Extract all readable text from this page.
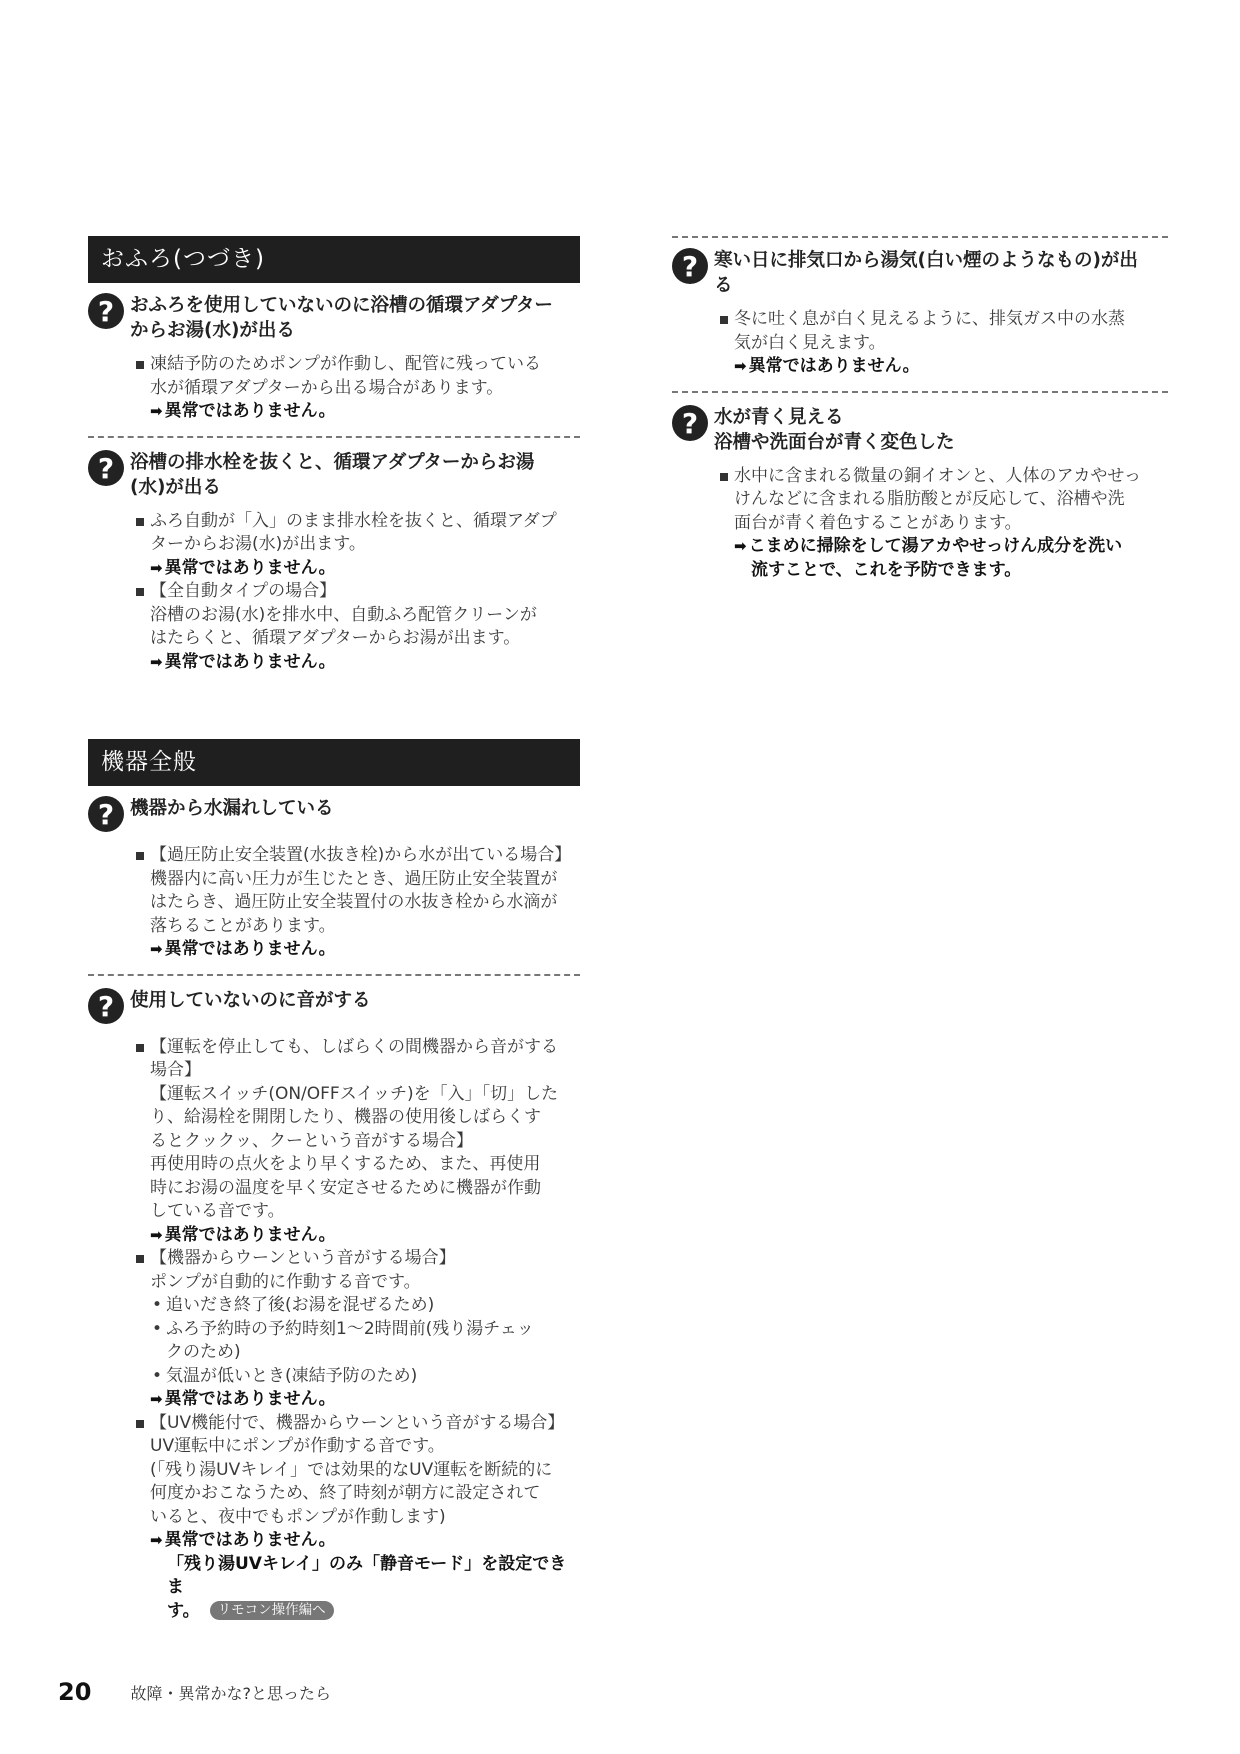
おふろ(つづき)
? おふろを使用していないのに浴槽の循環アダプター
からお湯(水)が出る
凍結予防のためポンプが作動し、配管に残っている
水が循環アダプターから出る場合があります。
➡ 異常ではありません。
? 浴槽の排水栓を抜くと、循環アダプターからお湯
(水)が出る
ふろ自動が「入」のまま排水栓を抜くと、循環アダプ
ターからお湯(水)が出ます。
➡ 異常ではありません。
【全自動タイプの場合】
浴槽のお湯(水)を排水中、自動ふろ配管クリーンが
はたらくと、循環アダプターからお湯が出ます。
➡ 異常ではありません。
機器全般
? 機器から水漏れしている
【過圧防止安全装置(水抜き栓)から水が出ている場合】
機器内に高い圧力が生じたとき、過圧防止安全装置が
はたらき、過圧防止安全装置付の水抜き栓から水滴が
落ちることがあります。
➡ 異常ではありません。
? 使用していないのに音がする
【運転を停止しても、しばらくの間機器から音がする
場合】
【運転スイッチ(ON/OFFスイッチ)を「入」「切」した
り、給湯栓を開閉したり、機器の使用後しばらくす
るとクックッ、クーという音がする場合】
再使用時の点火をより早くするため、また、再使用
時にお湯の温度を早く安定させるために機器が作動
している音です。
➡ 異常ではありません。
【機器からウーンという音がする場合】
ポンプが自動的に作動する音です。
• 追いだき終了後(お湯を混ぜるため)
• ふろ予約時の予約時刻1〜2時間前(残り湯チェッ
クのため)
• 気温が低いとき(凍結予防のため)
➡ 異常ではありません。
【UV機能付で、機器からウーンという音がする場合】
UV運転中にポンプが作動する音です。
(「残り湯UVキレイ」では効果的なUV運転を断続的に
何度かおこなうため、終了時刻が朝方に設定されて
いると、夜中でもポンプが作動します)
➡ 異常ではありません。
「残り湯UVキレイ」のみ「静音モード」を設定できま
す。 リモコン操作編へ
? 寒い日に排気口から湯気(白い煙のようなもの)が出
る
冬に吐く息が白く見えるように、排気ガス中の水蒸
気が白く見えます。
➡ 異常ではありません。
? 水が青く見える
浴槽や洗面台が青く変色した
水中に含まれる微量の銅イオンと、人体のアカやせっ
けんなどに含まれる脂肪酸とが反応して、浴槽や洗
面台が青く着色することがあります。
➡ こまめに掃除をして湯アカやせっけん成分を洗い
流すことで、これを予防できます。
20 故障・異常かな?と思ったら
